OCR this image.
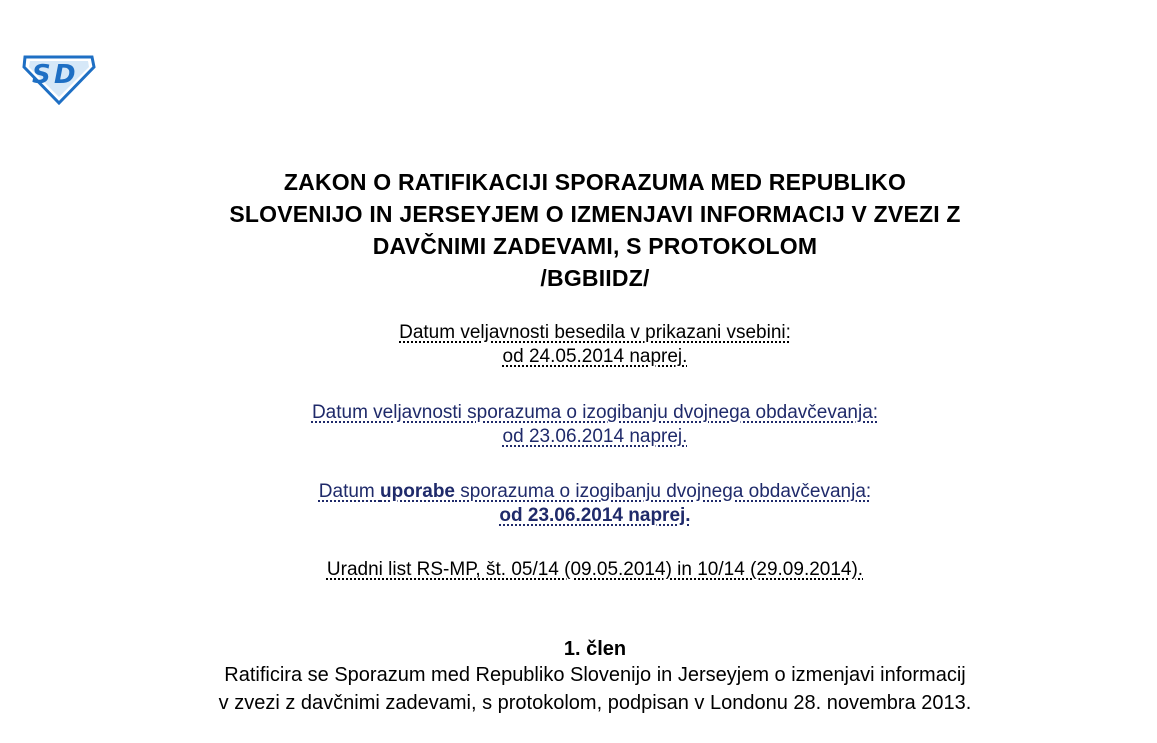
S D
ZAKON O RATIFIKACIJI SPORAZUMA MED REPUBLIKO
SLOVENIJO IN JERSEYJEM O IZMENJAVI INFORMACIJ V ZVEZI Z
DAVČNIMI ZADEVAMI, S PROTOKOLOM
/BGBIIDZ/
Datum veljavnosti besedila v prikazani vsebini:
od 24.05.2014 naprej.
Datum veljavnosti sporazuma o izogibanju dvojnega obdavčevanja:
od 23.06.2014 naprej.
Datum uporabe sporazuma o izogibanju dvojnega obdavčevanja:
od 23.06.2014 naprej.
Uradni list RS-MP, št. 05/14 (09.05.2014) in 10/14 (29.09.2014).
1. člen
Ratificira se Sporazum med Republiko Slovenijo in Jerseyjem o izmenjavi informacij
v zvezi z davčnimi zadevami, s protokolom, podpisan v Londonu 28. novembra 2013.
